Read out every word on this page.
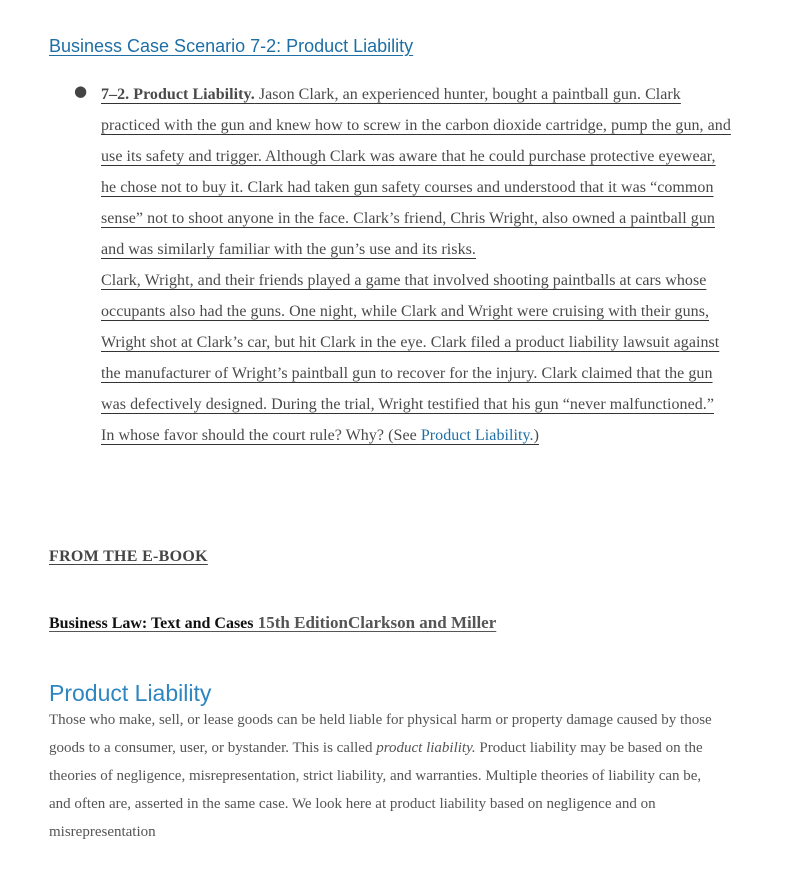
Business Case Scenario 7-2: Product Liability
● 7–2. Product Liability. Jason Clark, an experienced hunter, bought a paintball gun. Clark practiced with the gun and knew how to screw in the carbon dioxide cartridge, pump the gun, and use its safety and trigger. Although Clark was aware that he could purchase protective eyewear, he chose not to buy it. Clark had taken gun safety courses and understood that it was “common sense” not to shoot anyone in the face. Clark’s friend, Chris Wright, also owned a paintball gun and was similarly familiar with the gun’s use and its risks.

Clark, Wright, and their friends played a game that involved shooting paintballs at cars whose occupants also had the guns. One night, while Clark and Wright were cruising with their guns, Wright shot at Clark’s car, but hit Clark in the eye. Clark filed a product liability lawsuit against the manufacturer of Wright’s paintball gun to recover for the injury. Clark claimed that the gun was defectively designed. During the trial, Wright testified that his gun “never malfunctioned.” In whose favor should the court rule? Why? (See Product Liability.)

FROM THE E-BOOK
Business Law: Text and Cases 15th EditionClarkson and Miller
Product Liability

Those who make, sell, or lease goods can be held liable for physical harm or property damage caused by those goods to a consumer, user, or bystander. This is called product liability. Product liability may be based on the theories of negligence, misrepresentation, strict liability, and warranties. Multiple theories of liability can be, and often are, asserted in the same case. We look here at product liability based on negligence and on misrepresentation
